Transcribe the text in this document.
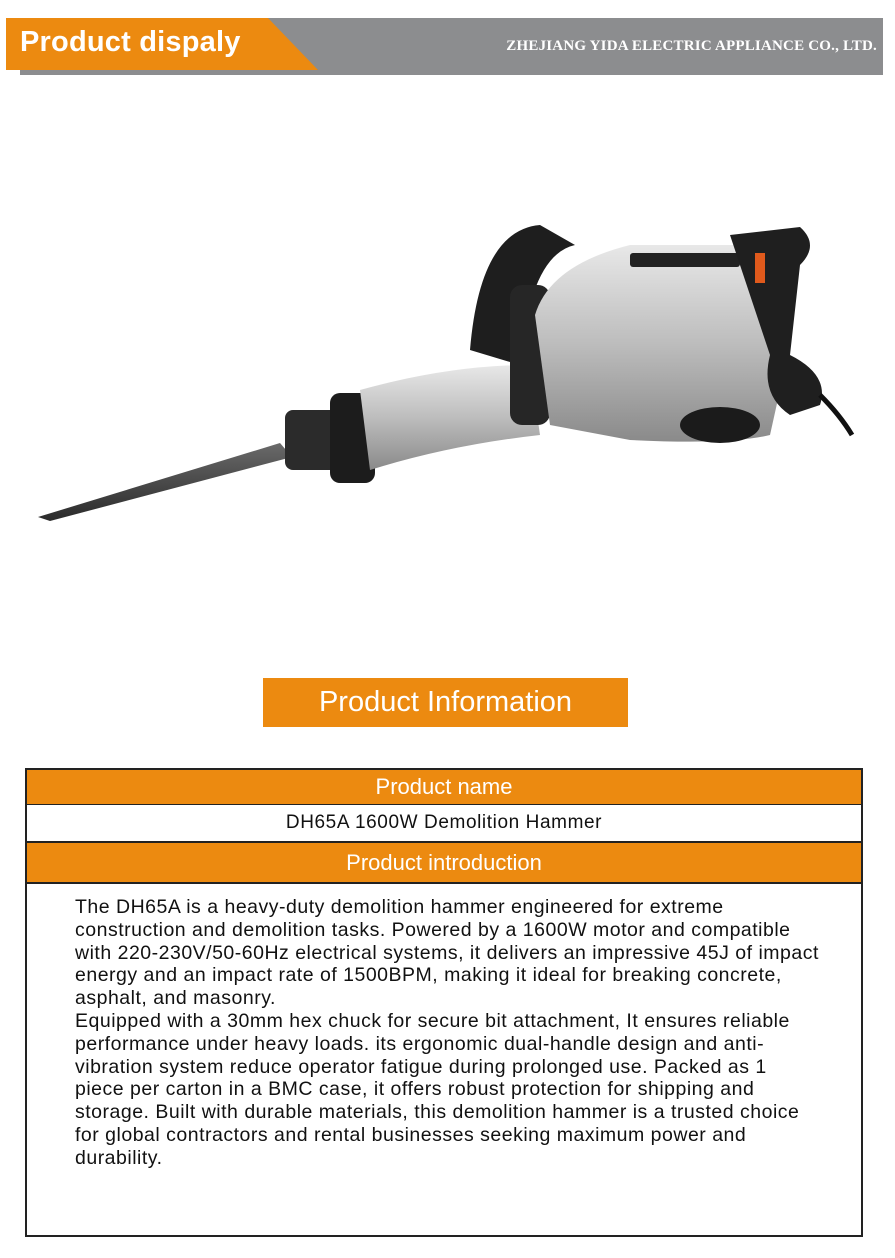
Product dispaly	ZHEJIANG YIDA ELECTRIC APPLIANCE CO., LTD.
Product Information
Product name
DH65A 1600W Demolition Hammer
Product introduction

The DH65A is a heavy-duty demolition hammer engineered for extreme construction and demolition tasks. Powered by a 1600W motor and compatible with 220-230V/50-60Hz electrical systems, it delivers an impressive 45J of impact energy and an impact rate of 1500BPM, making it ideal for breaking concrete, asphalt, and masonry.

Equipped with a 30mm hex chuck for secure bit attachment, It ensures reliable performance under heavy loads. its ergonomic dual-handle design and anti-vibration system reduce operator fatigue during prolonged use. Packed as 1 piece per carton in a BMC case, it offers robust protection for shipping and storage. Built with durable materials, this demolition hammer is a trusted choice for global contractors and rental businesses seeking maximum power and durability.
